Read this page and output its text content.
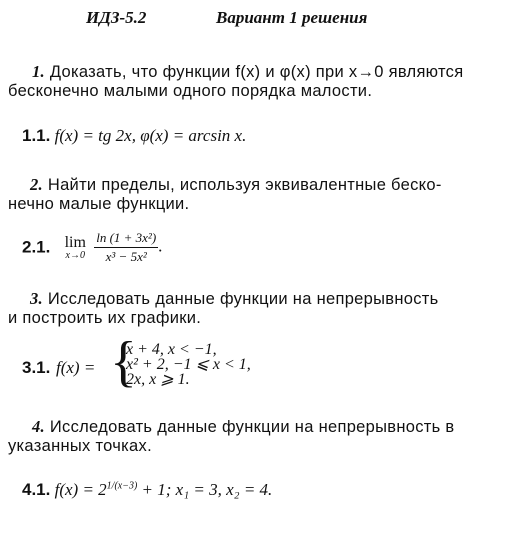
ИДЗ-5.2	Вариант 1 решения
1. Доказать, что функции f(x) и φ(x) при x→0 являются
бесконечно малыми одного порядка малости.
1.1. f(x) = tg 2x, φ(x) = arcsin x.
2. Найти пределы, используя эквивалентные беско-
нечно малые функции.
2.1. lim
x→0
$\frac{\text{ln (1 + 3x²)}}{\text{x³ − 5x²}}$ .
3. Исследовать данные функции на непрерывность
и построить их графики.
3.1. f(x) = {
x + 4, x < −1,
x² + 2, −1 ⩽ x < 1,
2x, x ⩾ 1.
4. Исследовать данные функции на непрерывность в
указанных точках.
4.1. $f(x) = 2^{1/(x-3)} + 1$; x₁ = 3, x₂ = 4.
